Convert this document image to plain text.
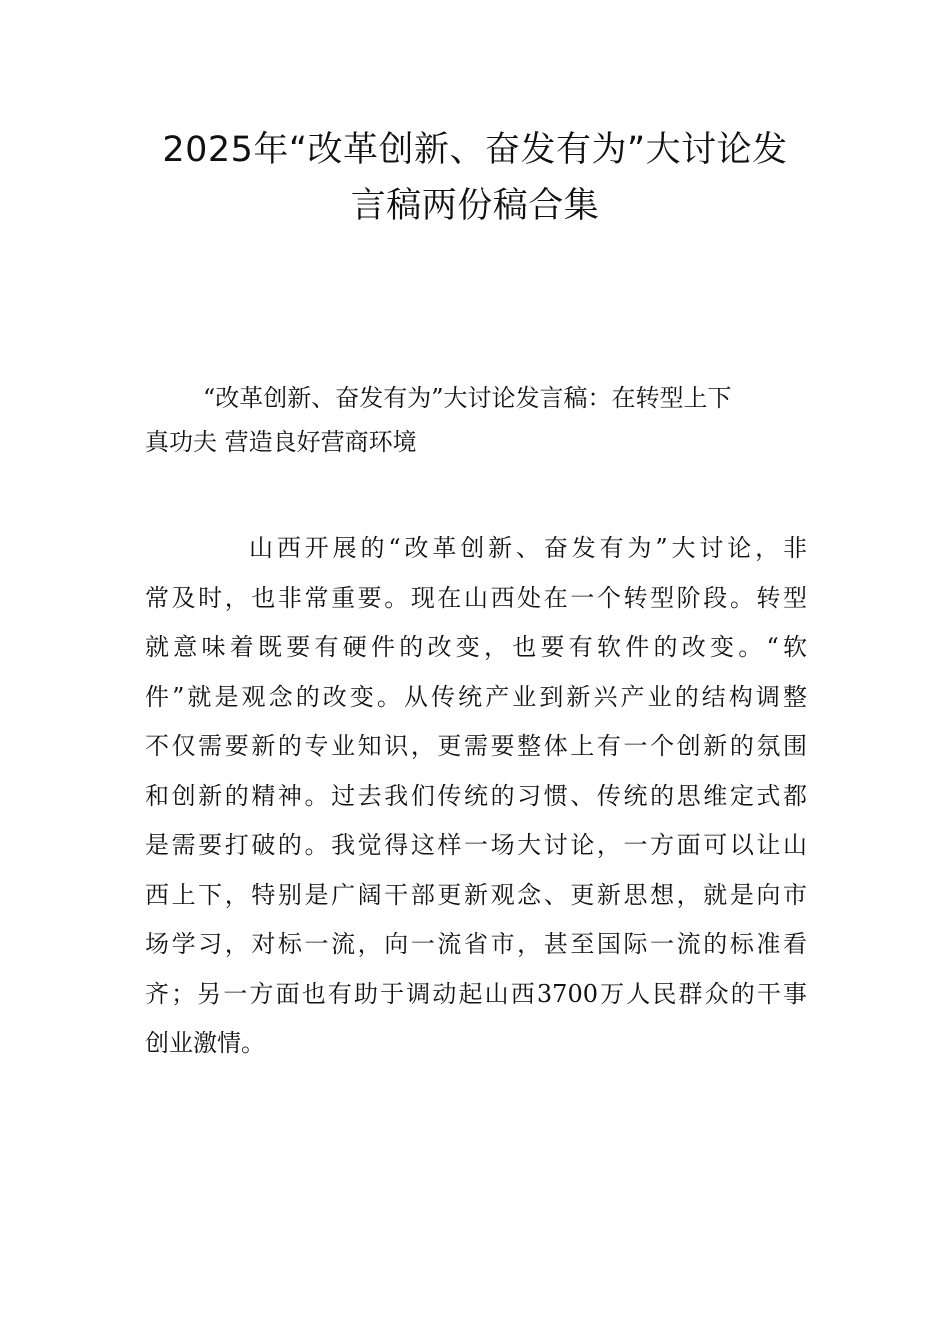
2025年“改革创新、奋发有为”大讨论发
言稿两份稿合集

“改革创新、奋发有为”大讨论发言稿：在转型上下
真功夫 营造良好营商环境

山西开展的“改革创新、奋发有为”大讨论，非
常及时，也非常重要。现在山西处在一个转型阶段。转型
就意味着既要有硬件的改变，也要有软件的改变。“软
件”就是观念的改变。从传统产业到新兴产业的结构调整
不仅需要新的专业知识，更需要整体上有一个创新的氛围
和创新的精神。过去我们传统的习惯、传统的思维定式都
是需要打破的。我觉得这样一场大讨论，一方面可以让山
西上下，特别是广阔干部更新观念、更新思想，就是向市
场学习，对标一流，向一流省市，甚至国际一流的标准看
齐；另一方面也有助于调动起山西3700万人民群众的干事
创业激情。
